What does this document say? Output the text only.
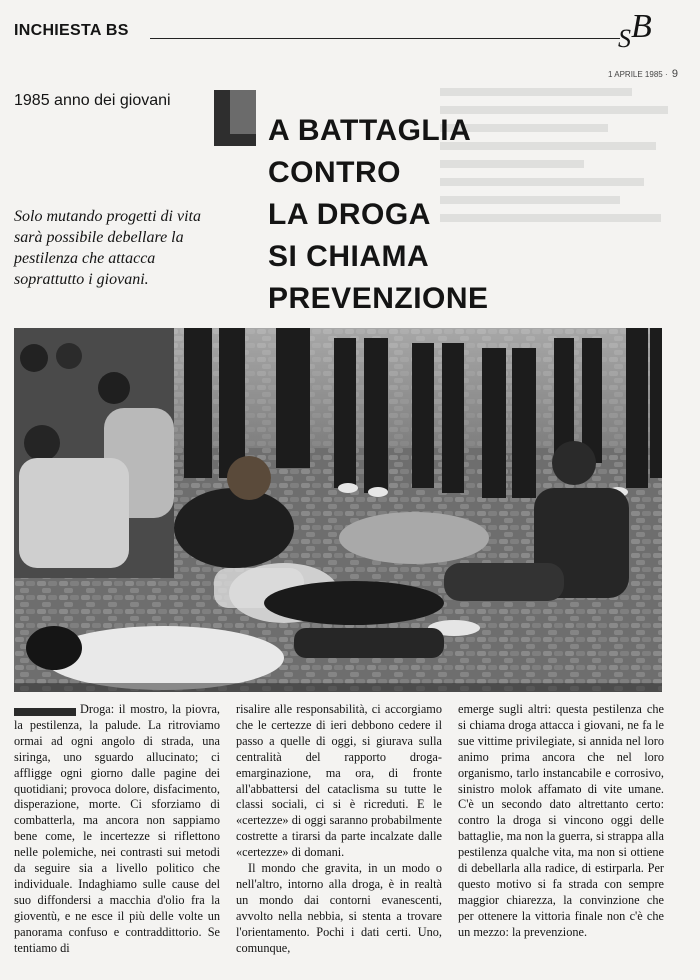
INCHIESTA BS	$_S$B
1 APRILE 1985 · 9
1985 anno dei giovani
Solo mutando progetti di vita sarà possibile debellare la pestilenza che attacca soprattutto i giovani.
A BATTAGLIA
CONTRO
LA DROGA
SI CHIAMA
PREVENZIONE

Droga: il mostro, la piovra, la pestilenza, la palude. La ritroviamo ormai ad ogni angolo di strada, una siringa, uno sguardo allucinato; ci affligge ogni giorno dalle pagine dei quotidiani; provoca dolore, disfacimento, disperazione, morte. Ci sforziamo di combatterla, ma ancora non sappiamo bene come, le incertezze si riflettono nelle polemiche, nei contrasti sui metodi da seguire sia a livello politico che individuale. Indaghiamo sulle cause del suo diffondersi a macchia d'olio fra la gioventù, e ne esce il più delle volte un panorama confuso e contraddittorio. Se tentiamo di

risalire alle responsabilità, ci accorgiamo che le certezze di ieri debbono cedere il passo a quelle di oggi, si giurava sulla centralità del rapporto droga-emarginazione, ma ora, di fronte all'abbattersi del cataclisma su tutte le classi sociali, ci si è ricreduti. E le «certezze» di oggi saranno probabilmente costrette a tirarsi da parte incalzate dalle «certezze» di domani.

Il mondo che gravita, in un modo o nell'altro, intorno alla droga, è in realtà un mondo dai contorni evanescenti, avvolto nella nebbia, si stenta a trovare l'orientamento. Pochi i dati certi. Uno, comunque,

emerge sugli altri: questa pestilenza che si chiama droga attacca i giovani, ne fa le sue vittime privilegiate, si annida nel loro animo prima ancora che nel loro organismo, tarlo instancabile e corrosivo, sinistro molok affamato di vite umane. C'è un secondo dato altrettanto certo: contro la droga si vincono oggi delle battaglie, ma non la guerra, si strappa alla pestilenza qualche vita, ma non si ottiene di debellarla alla radice, di estirparla. Per questo motivo si fa strada con sempre maggior chiarezza, la convinzione che per ottenere la vittoria finale non c'è che un mezzo: la prevenzione.
